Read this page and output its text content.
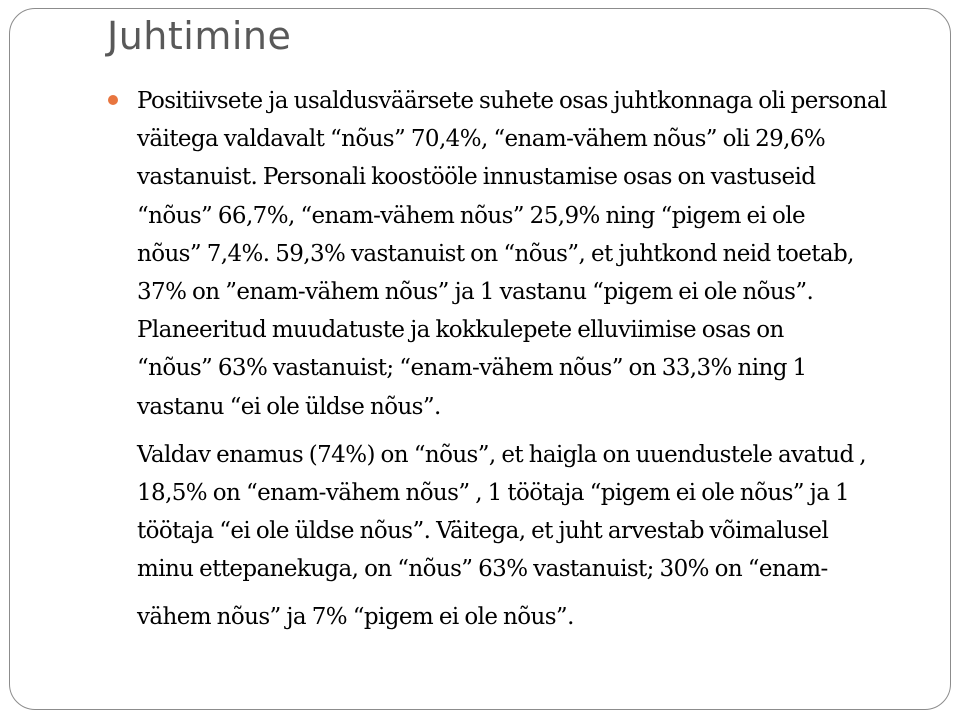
Juhtimine
Positiivsete ja usaldusväärsete suhete osas juhtkonnaga oli personal
väitega valdavalt “nõus” 70,4%, “enam-vähem nõus” oli 29,6%
vastanuist. Personali koostööle innustamise osas on vastuseid
“nõus” 66,7%, “enam-vähem nõus” 25,9% ning “pigem ei ole
nõus” 7,4%. 59,3% vastanuist on “nõus”, et juhtkond neid toetab,
37% on ”enam-vähem nõus” ja 1 vastanu “pigem ei ole nõus”.
Planeeritud muudatuste ja kokkulepete elluviimise osas on
“nõus” 63% vastanuist; “enam-vähem nõus” on 33,3% ning 1
vastanu “ei ole üldse nõus”.
Valdav enamus (74%) on “nõus”, et haigla on uuendustele avatud ,
18,5% on “enam-vähem nõus” , 1 töötaja “pigem ei ole nõus” ja 1
töötaja “ei ole üldse nõus”. Väitega, et juht arvestab võimalusel
minu ettepanekuga, on “nõus” 63% vastanuist; 30% on “enam-
vähem nõus” ja 7% “pigem ei ole nõus”.
